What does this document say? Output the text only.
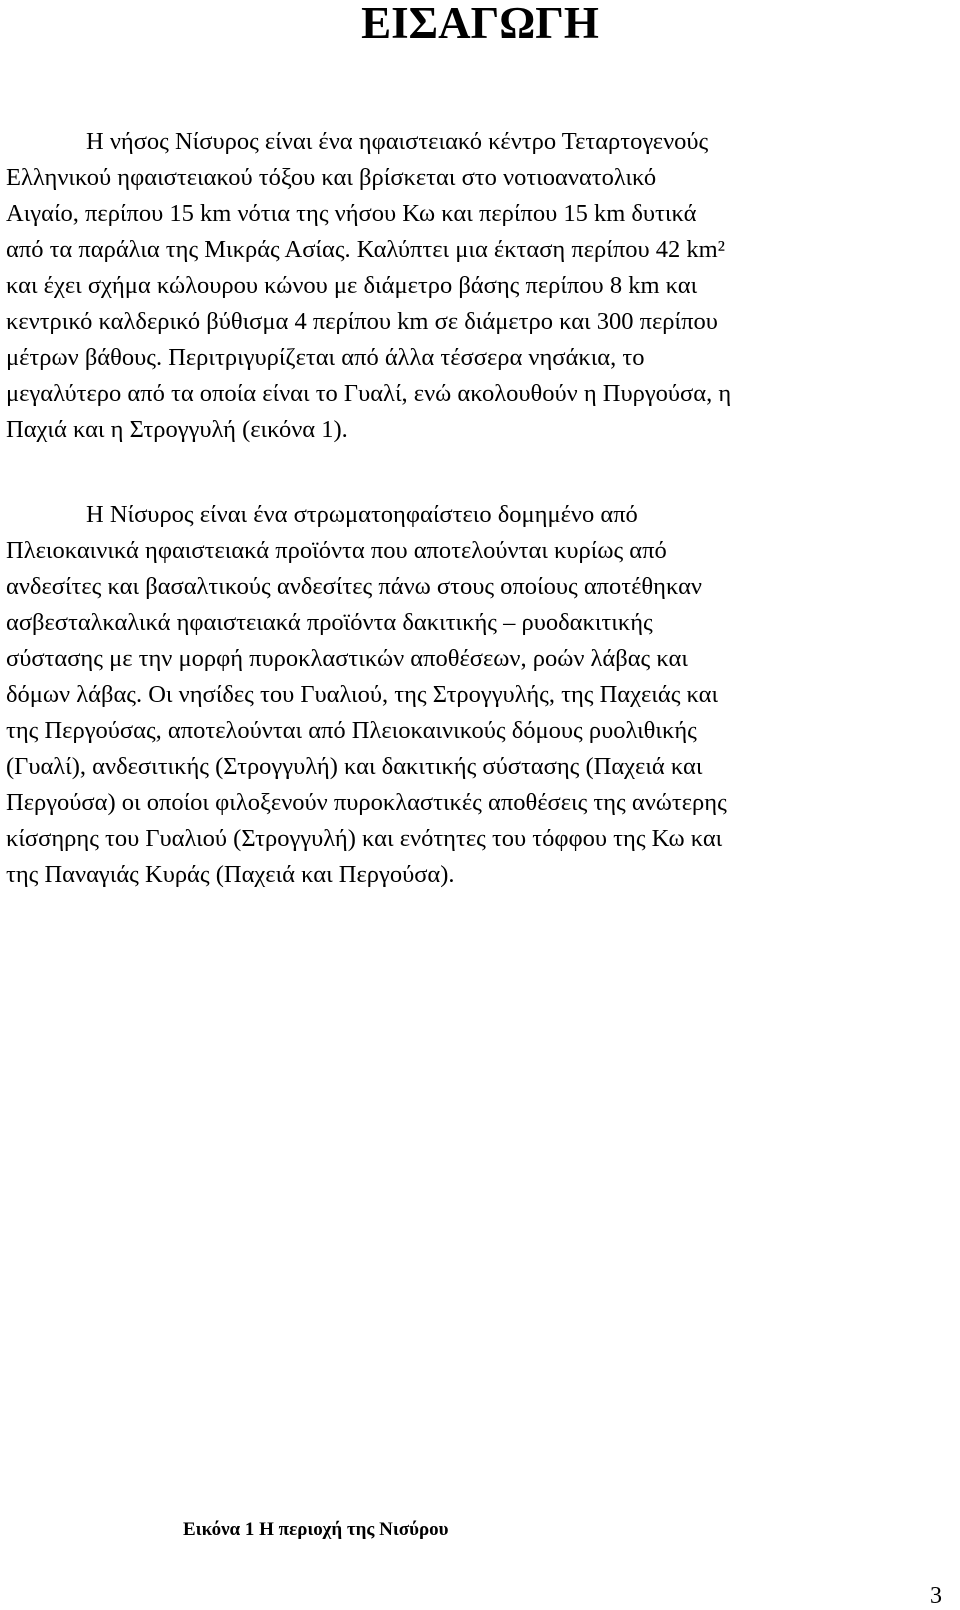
ΕΙΣΑΓΩΓΗ
Η νήσος Νίσυρος είναι ένα ηφαιστειακό κέντρο Τεταρτογενούς
Ελληνικού ηφαιστειακού τόξου και βρίσκεται στο νοτιοανατολικό
Αιγαίο, περίπου 15 km νότια της νήσου Κω και περίπου 15 km δυτικά
από τα παράλια της Μικράς Ασίας. Καλύπτει μια έκταση περίπου 42 km²
και έχει σχήμα κώλουρου κώνου με διάμετρο βάσης περίπου 8 km και
κεντρικό καλδερικό βύθισμα 4 περίπου km σε διάμετρο και 300 περίπου
μέτρων βάθους. Περιτριγυρίζεται από άλλα τέσσερα νησάκια, το
μεγαλύτερο από τα οποία είναι το Γυαλί, ενώ ακολουθούν η Πυργούσα, η
Παχιά και η Στρογγυλή (εικόνα 1).
Η Νίσυρος είναι ένα στρωματοηφαίστειο δομημένο από
Πλειοκαινικά ηφαιστειακά προϊόντα που αποτελούνται κυρίως από
ανδεσίτες και βασαλτικούς ανδεσίτες πάνω στους οποίους αποτέθηκαν
ασβεσταλκαλικά ηφαιστειακά προϊόντα δακιτικής – ρυοδακιτικής
σύστασης με την μορφή πυροκλαστικών αποθέσεων, ροών λάβας και
δόμων λάβας. Οι νησίδες του Γυαλιού, της Στρογγυλής, της Παχειάς και
της Περγούσας, αποτελούνται από Πλειοκαινικούς δόμους ρυολιθικής
(Γυαλί), ανδεσιτικής (Στρογγυλή) και δακιτικής σύστασης (Παχειά και
Περγούσα) οι οποίοι φιλοξενούν πυροκλαστικές αποθέσεις της ανώτερης
κίσσηρης του Γυαλιού (Στρογγυλή) και ενότητες του τόφφου της Κω και
της Παναγιάς Κυράς (Παχειά και Περγούσα).

Εικόνα 1 Η περιοχή της Νισύρου

3
